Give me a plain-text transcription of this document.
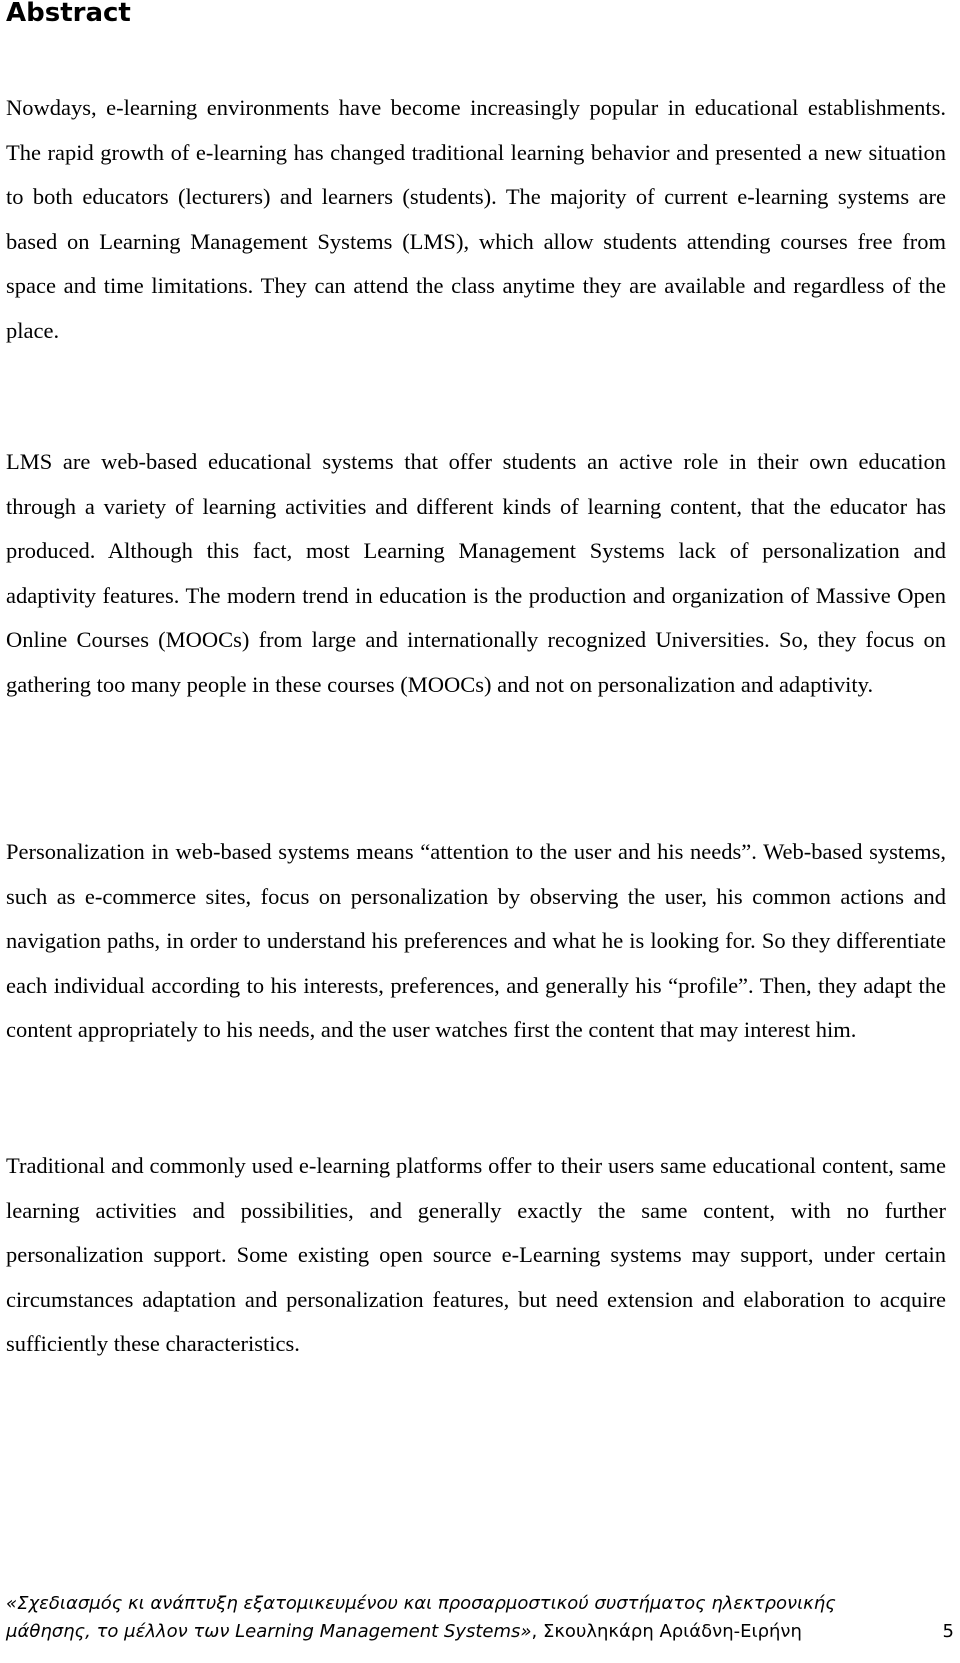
Abstract

Nowdays, e-learning environments have become increasingly popular in educational establishments. The rapid growth of e-learning has changed traditional learning behavior and presented a new situation to both educators (lecturers) and learners (students). The majority of current e-learning systems are based on Learning Management Systems (LMS), which allow students attending courses free from space and time limitations. They can attend the class anytime they are available and regardless of the place.

LMS are web-based educational systems that offer students an active role in their own education through a variety of learning activities and different kinds of learning content, that the educator has produced. Although this fact, most Learning Management Systems lack of personalization and adaptivity features. The modern trend in education is the production and organization of Massive Open Online Courses (MOOCs) from large and internationally recognized Universities. So, they focus on gathering too many people in these courses (MOOCs) and not on personalization and adaptivity.

Personalization in web-based systems means “attention to the user and his needs”. Web-based systems, such as e-commerce sites, focus on personalization by observing the user, his common actions and navigation paths, in order to understand his preferences and what he is looking for. So they differentiate each individual according to his interests, preferences, and generally his “profile”. Then, they adapt the content appropriately to his needs, and the user watches first the content that may interest him.

Traditional and commonly used e-learning platforms offer to their users same educational content, same learning activities and possibilities, and generally exactly the same content, with no further personalization support. Some existing open source e-Learning systems may support, under certain circumstances adaptation and personalization features, but need extension and elaboration to acquire sufficiently these characteristics.

«Σχεδιασμός κι ανάπτυξη εξατομικευμένου και προσαρμοστικού συστήματος ηλεκτρονικής
μάθησης, το μέλλον των Learning Management Systems», Σκουληκάρη Αριάδνη-Ειρήνη	5
